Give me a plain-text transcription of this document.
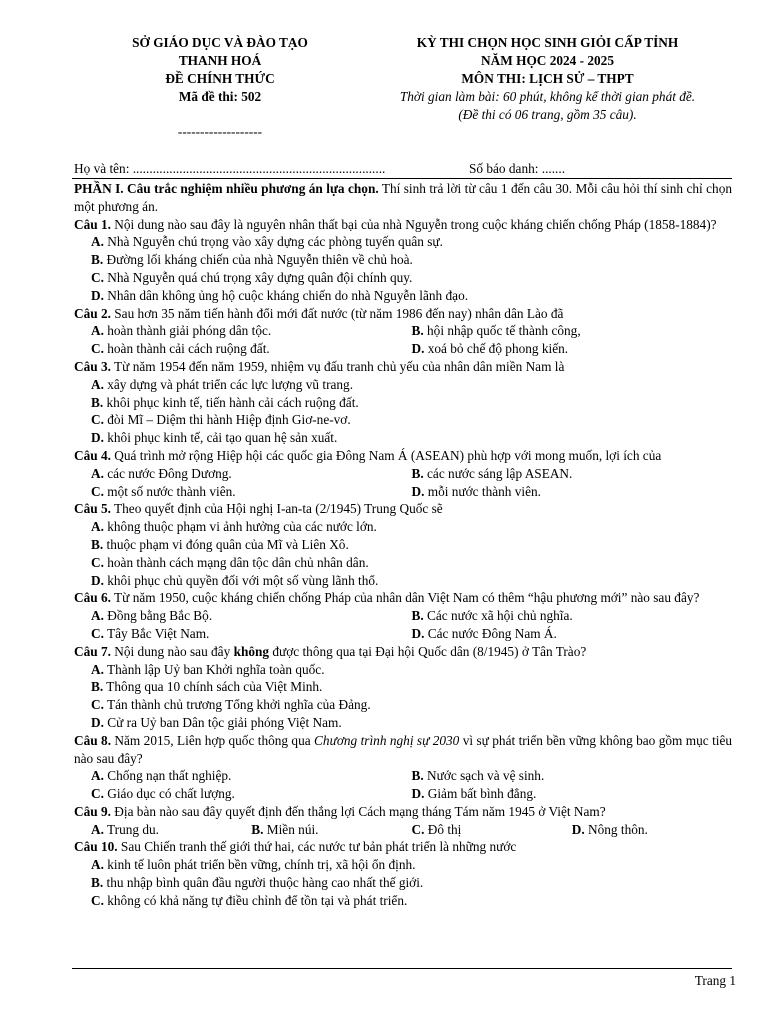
SỞ GIÁO DỤC VÀ ĐÀO TẠO
THANH HOÁ
ĐỀ CHÍNH THỨC
Mã đề thi: 502
-------------------
KỲ THI CHỌN HỌC SINH GIỎI CẤP TỈNH
NĂM HỌC 2024 - 2025
MÔN THI: LỊCH SỬ – THPT
Thời gian làm bài: 60 phút, không kể thời gian phát đề.
(Đề thi có 06 trang, gồm 35 câu).
Họ và tên: ............................................................................	Số báo danh: .......

PHẦN I. Câu trắc nghiệm nhiều phương án lựa chọn. Thí sinh trả lời từ câu 1 đến câu 30. Mỗi câu hỏi thí sinh chỉ chọn một phương án.

Câu 1. Nội dung nào sau đây là nguyên nhân thất bại của nhà Nguyễn trong cuộc kháng chiến chống Pháp (1858-1884)?

A. Nhà Nguyễn chú trọng vào xây dựng các phòng tuyến quân sự.

B. Đường lối kháng chiến của nhà Nguyễn thiên về chủ hoà.

C. Nhà Nguyễn quá chú trọng xây dựng quân đội chính quy.

D. Nhân dân không ủng hộ cuộc kháng chiến do nhà Nguyễn lãnh đạo.

Câu 2. Sau hơn 35 năm tiến hành đổi mới đất nước (từ năm 1986 đến nay) nhân dân Lào đã

A. hoàn thành giải phóng dân tộc.	B. hội nhập quốc tế thành công,
C. hoàn thành cải cách ruộng đất.	D. xoá bỏ chế độ phong kiến.

Câu 3. Từ năm 1954 đến năm 1959, nhiệm vụ đấu tranh chủ yếu của nhân dân miền Nam là

A. xây dựng và phát triển các lực lượng vũ trang.

B. khôi phục kinh tế, tiến hành cải cách ruộng đất.

C. đòi Mĩ – Diệm thi hành Hiệp định Giơ-ne-vơ.

D. khôi phục kinh tế, cải tạo quan hệ sản xuất.

Câu 4. Quá trình mở rộng Hiệp hội các quốc gia Đông Nam Á (ASEAN) phù hợp với mong muốn, lợi ích của

A. các nước Đông Dương.	B. các nước sáng lập ASEAN.
C. một số nước thành viên.	D. mỗi nước thành viên.

Câu 5. Theo quyết định của Hội nghị I-an-ta (2/1945) Trung Quốc sẽ

A. không thuộc phạm vi ảnh hưởng của các nước lớn.

B. thuộc phạm vi đóng quân của Mĩ và Liên Xô.

C. hoàn thành cách mạng dân tộc dân chủ nhân dân.

D. khôi phục chủ quyền đối với một số vùng lãnh thổ.

Câu 6. Từ năm 1950, cuộc kháng chiến chống Pháp của nhân dân Việt Nam có thêm “hậu phương mới” nào sau đây?

A. Đồng bằng Bắc Bộ.	B. Các nước xã hội chủ nghĩa.
C. Tây Bắc Việt Nam.	D. Các nước Đông Nam Á.

Câu 7. Nội dung nào sau đây không được thông qua tại Đại hội Quốc dân (8/1945) ở Tân Trào?

A. Thành lập Uỷ ban Khởi nghĩa toàn quốc.

B. Thông qua 10 chính sách của Việt Minh.

C. Tán thành chủ trương Tổng khởi nghĩa của Đảng.

D. Cử ra Uỷ ban Dân tộc giải phóng Việt Nam.

Câu 8. Năm 2015, Liên hợp quốc thông qua Chương trình nghị sự 2030 vì sự phát triển bền vững không bao gồm mục tiêu nào sau đây?

A. Chống nạn thất nghiệp.	B. Nước sạch và vệ sinh.
C. Giáo dục có chất lượng.	D. Giảm bất bình đẳng.

Câu 9. Địa bàn nào sau đây quyết định đến thắng lợi Cách mạng tháng Tám năm 1945 ở Việt Nam?

A. Trung du.	B. Miền núi.	C. Đô thị	D. Nông thôn.

Câu 10. Sau Chiến tranh thế giới thứ hai, các nước tư bản phát triển là những nước

A. kinh tế luôn phát triển bền vững, chính trị, xã hội ổn định.

B. thu nhập bình quân đầu người thuộc hàng cao nhất thế giới.

C. không có khả năng tự điều chỉnh để tồn tại và phát triển.

Trang 1
